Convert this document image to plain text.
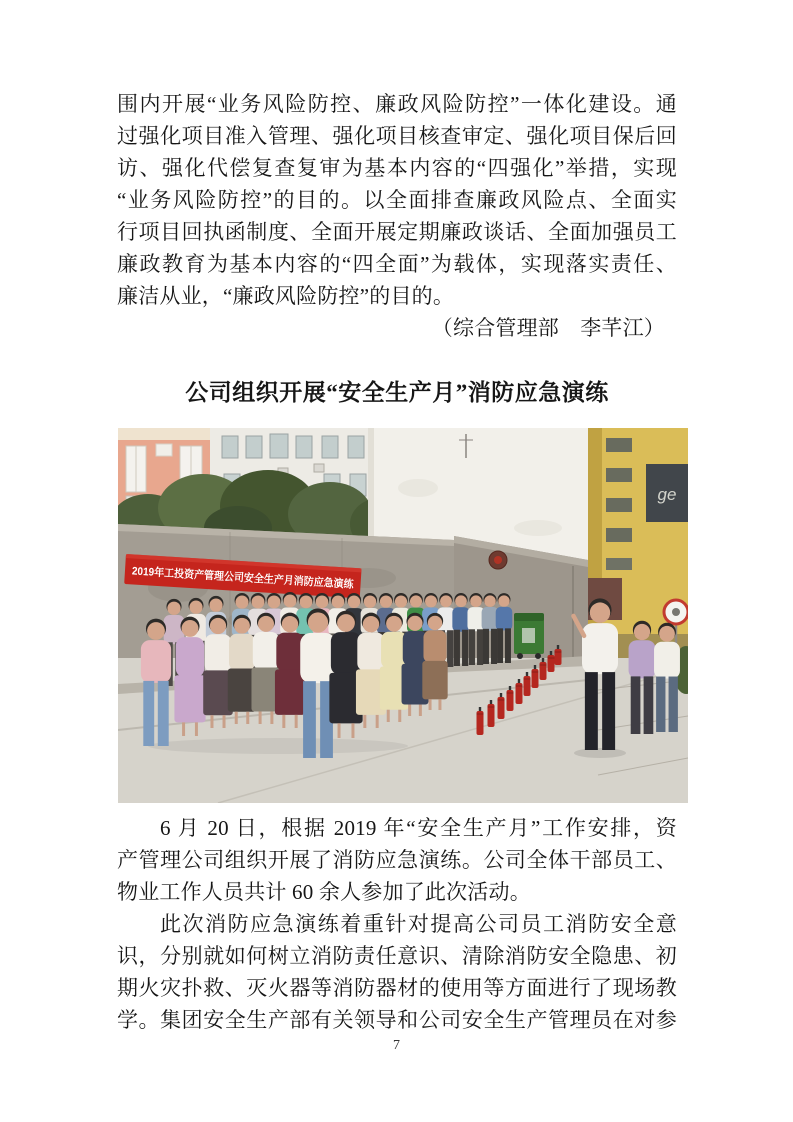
围内开展“业务风险防控、廉政风险防控”一体化建设。通
过强化项目准入管理、强化项目核查审定、强化项目保后回
访、强化代偿复查复审为基本内容的“四强化”举措，实现
“业务风险防控”的目的。以全面排查廉政风险点、全面实
行项目回执函制度、全面开展定期廉政谈话、全面加强员工
廉政教育为基本内容的“四全面”为载体，实现落实责任、
廉洁从业，“廉政风险防控”的目的。
（综合管理部　李芊江）
公司组织开展“安全生产月”消防应急演练
ge
2019年工投资产管理公司安全生产月消防应急演练
6 月 20 日，根据 2019 年“安全生产月”工作安排，资
产管理公司组织开展了消防应急演练。公司全体干部员工、
物业工作人员共计 60 余人参加了此次活动。
此次消防应急演练着重针对提高公司员工消防安全意
识，分别就如何树立消防责任意识、清除消防安全隐患、初
期火灾扑救、灭火器等消防器材的使用等方面进行了现场教
学。集团安全生产部有关领导和公司安全生产管理员在对参
7
